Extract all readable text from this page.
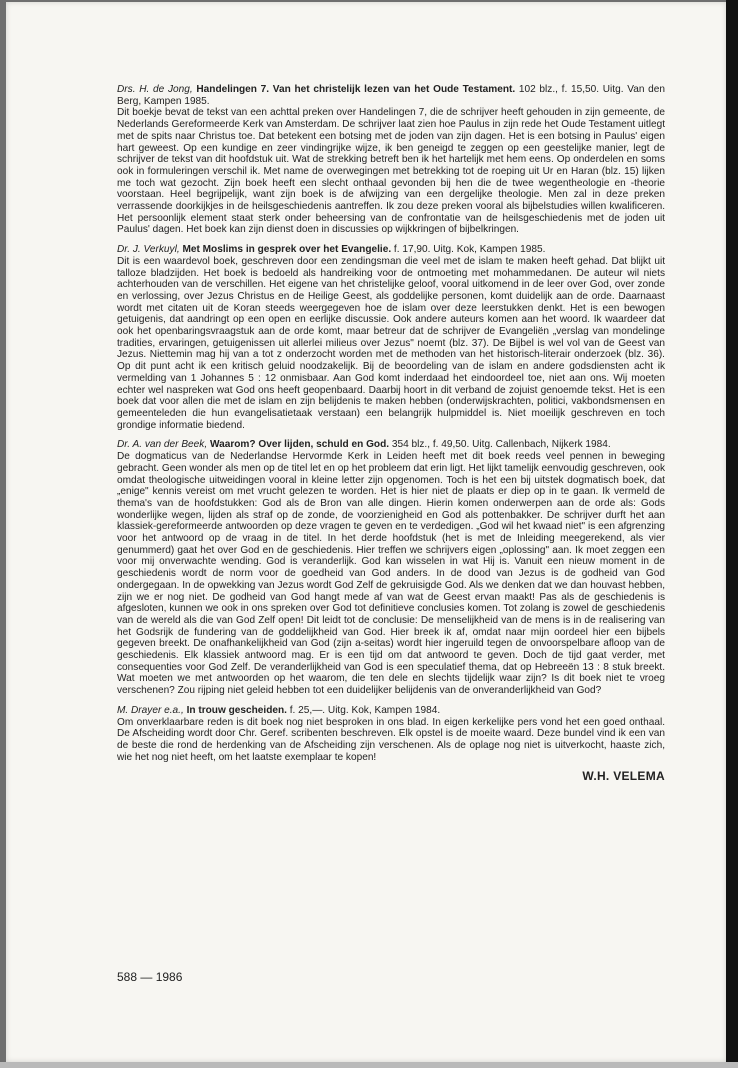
Drs. H. de Jong, Handelingen 7. Van het christelijk lezen van het Oude Testament. 102 blz., f. 15,50. Uitg. Van den Berg, Kampen 1985.

Dit boekje bevat de tekst van een achttal preken over Handelingen 7, die de schrijver heeft gehouden in zijn gemeente, de Nederlands Gereformeerde Kerk van Amsterdam. De schrijver laat zien hoe Paulus in zijn rede het Oude Testament uitlegt met de spits naar Christus toe. Dat betekent een botsing met de joden van zijn dagen. Het is een botsing in Paulus' eigen hart geweest. Op een kundige en zeer vindingrijke wijze, ik ben geneigd te zeggen op een geestelijke manier, legt de schrijver de tekst van dit hoofdstuk uit. Wat de strekking betreft ben ik het hartelijk met hem eens. Op onderdelen en soms ook in formuleringen verschil ik. Met name de overwegingen met betrekking tot de roeping uit Ur en Haran (blz. 15) lijken me toch wat gezocht. Zijn boek heeft een slecht onthaal gevonden bij hen die de twee wegentheologie en -theorie voorstaan. Heel begrijpelijk, want zijn boek is de afwijzing van een dergelijke theologie. Men zal in deze preken verrassende doorkijkjes in de heilsgeschiedenis aantreffen. Ik zou deze preken vooral als bijbelstudies willen kwalificeren. Het persoonlijk element staat sterk onder beheersing van de confrontatie van de heilsgeschiedenis met de joden uit Paulus' dagen. Het boek kan zijn dienst doen in discussies op wijkkringen of bijbelkringen.

Dr. J. Verkuyl, Met Moslims in gesprek over het Evangelie. f. 17,90. Uitg. Kok, Kampen 1985.

Dit is een waardevol boek, geschreven door een zendingsman die veel met de islam te maken heeft gehad. Dat blijkt uit talloze bladzijden. Het boek is bedoeld als handreiking voor de ontmoeting met mohammedanen. De auteur wil niets achterhouden van de verschillen. Het eigene van het christelijke geloof, vooral uitkomend in de leer over God, over zonde en verlossing, over Jezus Christus en de Heilige Geest, als goddelijke personen, komt duidelijk aan de orde. Daarnaast wordt met citaten uit de Koran steeds weergegeven hoe de islam over deze leerstukken denkt. Het is een bewogen getuigenis, dat aandringt op een open en eerlijke discussie. Ook andere auteurs komen aan het woord. Ik waardeer dat ook het openbaringsvraagstuk aan de orde komt, maar betreur dat de schrijver de Evangeliën „verslag van mondelinge tradities, ervaringen, getuigenissen uit allerlei milieus over Jezus" noemt (blz. 37). De Bijbel is wel vol van de Geest van Jezus. Niettemin mag hij van a tot z onderzocht worden met de methoden van het historisch-literair onderzoek (blz. 36). Op dit punt acht ik een kritisch geluid noodzakelijk. Bij de beoordeling van de islam en andere godsdiensten acht ik vermelding van 1 Johannes 5 : 12 onmisbaar. Aan God komt inderdaad het eindoordeel toe, niet aan ons. Wij moeten echter wel naspreken wat God ons heeft geopenbaard. Daarbij hoort in dit verband de zojuist genoemde tekst. Het is een boek dat voor allen die met de islam en zijn belijdenis te maken hebben (onderwijskrachten, politici, vakbondsmensen en gemeenteleden die hun evangelisatietaak verstaan) een belangrijk hulpmiddel is. Niet moeilijk geschreven en toch grondige informatie biedend.

Dr. A. van der Beek, Waarom? Over lijden, schuld en God. 354 blz., f. 49,50. Uitg. Callenbach, Nijkerk 1984.

De dogmaticus van de Nederlandse Hervormde Kerk in Leiden heeft met dit boek reeds veel pennen in beweging gebracht. Geen wonder als men op de titel let en op het probleem dat erin ligt. Het lijkt tamelijk eenvoudig geschreven, ook omdat theologische uitweidingen vooral in kleine letter zijn opgenomen. Toch is het een bij uitstek dogmatisch boek, dat „enige" kennis vereist om met vrucht gelezen te worden. Het is hier niet de plaats er diep op in te gaan. Ik vermeld de thema's van de hoofdstukken: God als de Bron van alle dingen. Hierin komen onderwerpen aan de orde als: Gods wonderlijke wegen, lijden als straf op de zonde, de voorzienigheid en God als pottenbakker. De schrijver durft het aan klassiek-gereformeerde antwoorden op deze vragen te geven en te verdedigen. „God wil het kwaad niet" is een afgrenzing voor het antwoord op de vraag in de titel. In het derde hoofdstuk (het is met de Inleiding meegerekend, als vier genummerd) gaat het over God en de geschiedenis. Hier treffen we schrijvers eigen „oplossing" aan. Ik moet zeggen een voor mij onverwachte wending. God is veranderlijk. God kan wisselen in wat Hij is. Vanuit een nieuw moment in de geschiedenis wordt de norm voor de goedheid van God anders. In de dood van Jezus is de godheid van God ondergegaan. In de opwekking van Jezus wordt God Zelf de gekruisigde God. Als we denken dat we dan houvast hebben, zijn we er nog niet. De godheid van God hangt mede af van wat de Geest ervan maakt! Pas als de geschiedenis is afgesloten, kunnen we ook in ons spreken over God tot definitieve conclusies komen. Tot zolang is zowel de geschiedenis van de wereld als die van God Zelf open! Dit leidt tot de conclusie: De menselijkheid van de mens is in de realisering van het Godsrijk de fundering van de goddelijkheid van God. Hier breek ik af, omdat naar mijn oordeel hier een bijbels gegeven breekt. De onafhankelijkheid van God (zijn a-seitas) wordt hier ingeruild tegen de onvoorspelbare afloop van de geschiedenis. Elk klassiek antwoord mag. Er is een tijd om dat antwoord te geven. Doch de tijd gaat verder, met consequenties voor God Zelf. De veranderlijkheid van God is een speculatief thema, dat op Hebreeën 13 : 8 stuk breekt. Wat moeten we met antwoorden op het waarom, die ten dele en slechts tijdelijk waar zijn? Is dit boek niet te vroeg verschenen? Zou rijping niet geleid hebben tot een duidelijker belijdenis van de onveranderlijkheid van God?

M. Drayer e.a., In trouw gescheiden. f. 25,—. Uitg. Kok, Kampen 1984.

Om onverklaarbare reden is dit boek nog niet besproken in ons blad. In eigen kerkelijke pers vond het een goed onthaal. De Afscheiding wordt door Chr. Geref. scribenten beschreven. Elk opstel is de moeite waard. Deze bundel vind ik een van de beste die rond de herdenking van de Afscheiding zijn verschenen. Als de oplage nog niet is uitverkocht, haaste zich, wie het nog niet heeft, om het laatste exemplaar te kopen!

W.H. VELEMA
588 — 1986
